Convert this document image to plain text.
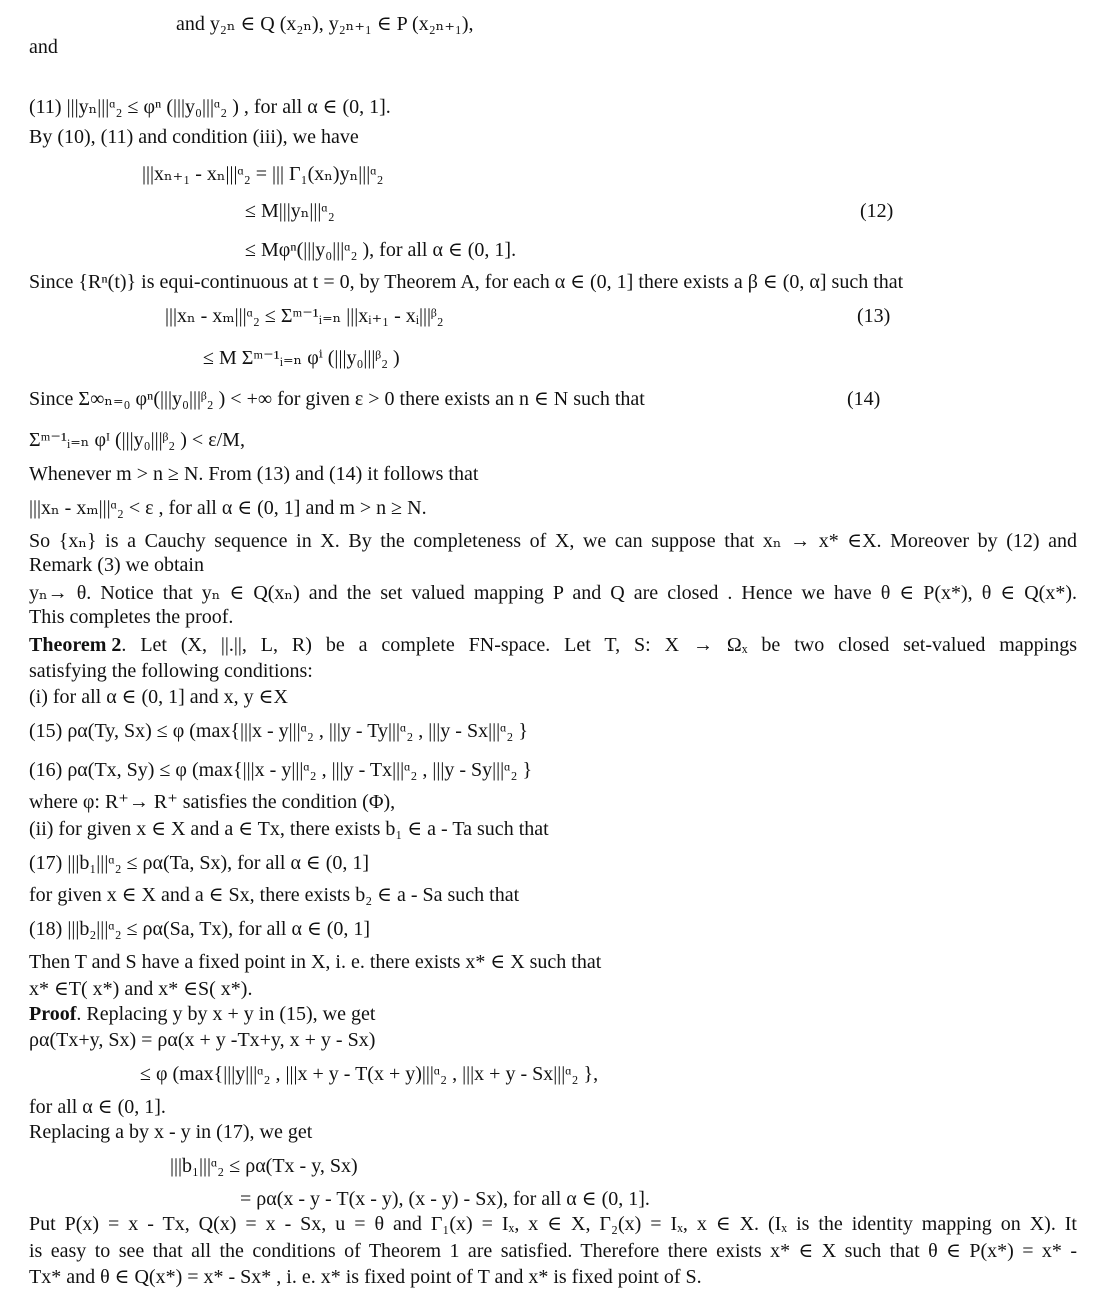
and y₂ₙ ∈ Q (x₂ₙ), y₂ₙ₊₁ ∈ P (x₂ₙ₊₁),
and
(11) |||yₙ|||ᵅ₂ ≤ φⁿ (|||y₀|||ᵅ₂ ) , for all α ∈ (0, 1].
By (10), (11) and condition (iii), we have
|||xₙ₊₁ - xₙ|||ᵅ₂ = ||| Γ₁(xₙ)yₙ|||ᵅ₂
≤ M|||yₙ|||ᵅ₂	(12)
≤ Mφⁿ(|||y₀|||ᵅ₂ ), for all α ∈ (0, 1].
Since {Rⁿ(t)} is equi-continuous at t = 0, by Theorem A, for each α ∈ (0, 1] there exists a β ∈ (0, α] such that
|||xₙ - xₘ|||ᵅ₂ ≤ Σᵐ⁻¹ᵢ₌ₙ |||xᵢ₊₁ - xᵢ|||ᵝ₂	(13)
≤ M Σᵐ⁻¹ᵢ₌ₙ φⁱ (|||y₀|||ᵝ₂ )
Since Σ∞ₙ₌₀ φⁿ(|||y₀|||ᵝ₂ ) < +∞ for given ε > 0 there exists an n ∈ N such that	(14)
Σᵐ⁻¹ᵢ₌ₙ φᴵ (|||y₀|||ᵝ₂ ) < ε/M,
Whenever m > n ≥ N. From (13) and (14) it follows that
|||xₙ - xₘ|||ᵅ₂ < ε , for all α ∈ (0, 1] and m > n ≥ N.
So {xₙ} is a Cauchy sequence in X. By the completeness of X, we can suppose that xₙ → x* ∈X. Moreover by (12) and
Remark (3) we obtain
yₙ→ θ. Notice that yₙ ∈ Q(xₙ) and the set valued mapping P and Q are closed . Hence we have θ ∈ P(x*), θ ∈ Q(x*).
This completes the proof.
Theorem 2 . Let (X, ||.||, L, R) be a complete FN-space. Let T, S: X → Ωₓ be two closed set-valued mappings
satisfying the following conditions:
(i) for all α ∈ (0, 1] and x, y ∈X
(15) ρα(Ty, Sx) ≤ φ (max{|||x - y|||ᵅ₂ , |||y - Ty|||ᵅ₂ , |||y - Sx|||ᵅ₂ }
(16) ρα(Tx, Sy) ≤ φ (max{|||x - y|||ᵅ₂ , |||y - Tx|||ᵅ₂ , |||y - Sy|||ᵅ₂ }
where φ: R⁺→ R⁺ satisfies the condition (Φ),
(ii) for given x ∈ X and a ∈ Tx, there exists b₁ ∈ a - Ta such that
(17) |||b₁|||ᵅ₂ ≤ ρα(Ta, Sx), for all α ∈ (0, 1]
for given x ∈ X and a ∈ Sx, there exists b₂ ∈ a - Sa such that
(18) |||b₂|||ᵅ₂ ≤ ρα(Sa, Tx), for all α ∈ (0, 1]
Then T and S have a fixed point in X, i. e. there exists x* ∈ X such that
x* ∈T( x*) and x* ∈S( x*).
Proof. Replacing y by x + y in (15), we get
ρα(Tx+y, Sx) = ρα(x + y -Tx+y, x + y - Sx)
≤ φ (max{|||y|||ᵅ₂ , |||x + y - T(x + y)|||ᵅ₂ , |||x + y - Sx|||ᵅ₂ },
for all α ∈ (0, 1].
Replacing a by x - y in (17), we get
|||b₁|||ᵅ₂ ≤ ρα(Tx - y, Sx)
= ρα(x - y - T(x - y), (x - y) - Sx), for all α ∈ (0, 1].
Put P(x) = x - Tx, Q(x) = x - Sx, u = θ and Γ₁(x) = Iₓ, x ∈ X, Γ₂(x) = Iₓ, x ∈ X. (Iₓ is the identity mapping on X). It
is easy to see that all the conditions of Theorem 1 are satisfied. Therefore there exists x* ∈ X such that θ ∈ P(x*) = x* -
Tx* and θ ∈ Q(x*) = x* - Sx* , i. e. x* is fixed point of T and x* is fixed point of S.
